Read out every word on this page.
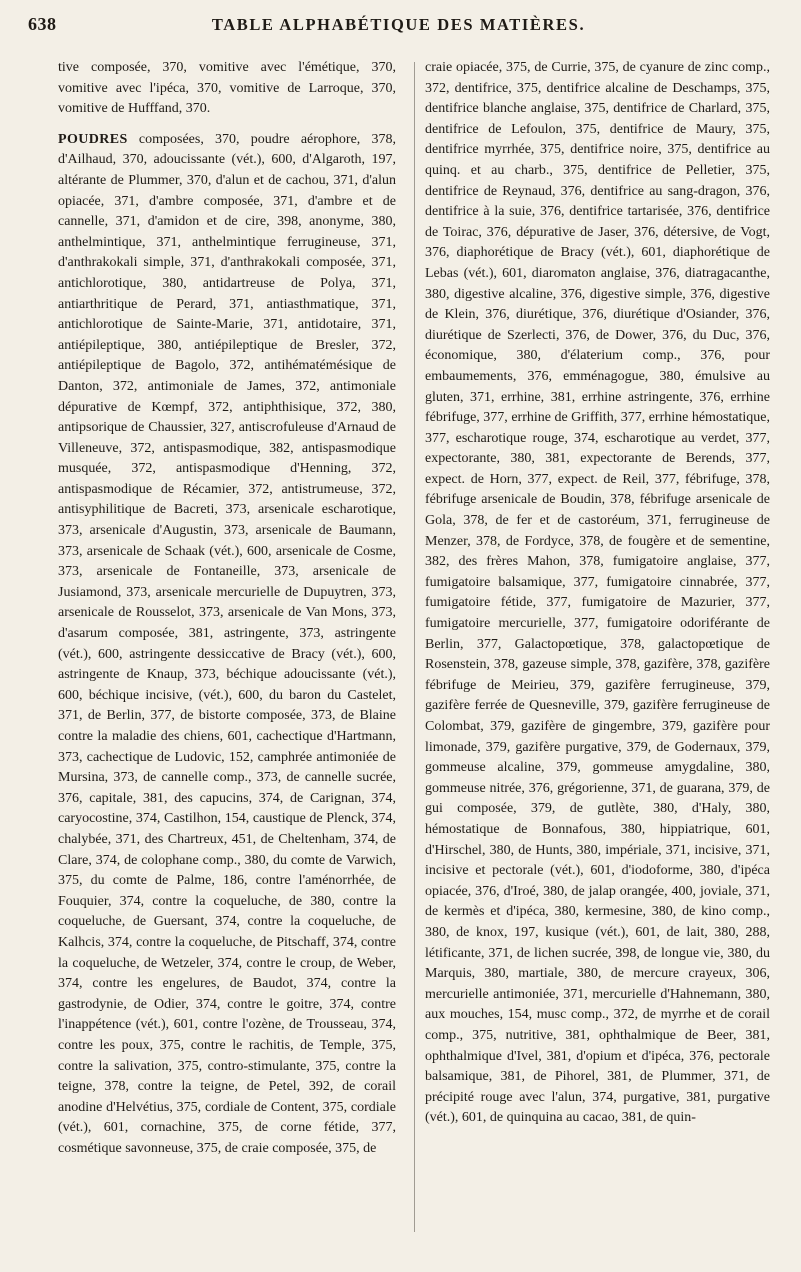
638	TABLE ALPHABÉTIQUE DES MATIÈRES.

tive composée, 370, vomitive avec l'émétique, 370, vomitive avec l'ipéca, 370, vomitive de Larroque, 370, vomitive de Hufffand, 370.

POUDRES composées, 370, poudre aérophore, 378, d'Ailhaud, 370, adoucissante (vét.), 600, d'Algaroth, 197, altérante de Plummer, 370, d'alun et de cachou, 371, d'alun opiacée, 371, d'ambre composée, 371, d'ambre et de cannelle, 371, d'amidon et de cire, 398, anonyme, 380, anthelmintique, 371, anthelmintique ferrugineuse, 371, d'anthrakokali simple, 371, d'anthrakokali composée, 371, antichlorotique, 380, antidartreuse de Polya, 371, antiarthritique de Perard, 371, antiasthmatique, 371, antichlorotique de Sainte-Marie, 371, antidotaire, 371, antiépileptique, 380, antiépileptique de Bresler, 372, antiépileptique de Bagolo, 372, antihématémésique de Danton, 372, antimoniale de James, 372, antimoniale dépurative de Kœmpf, 372, antiphthisique, 372, 380, antipsorique de Chaussier, 327, antiscrofuleuse d'Arnaud de Villeneuve, 372, antispasmodique, 382, antispasmodique musquée, 372, antispasmodique d'Henning, 372, antispasmodique de Récamier, 372, antistrumeuse, 372, antisyphilitique de Bacreti, 373, arsenicale escharotique, 373, arsenicale d'Augustin, 373, arsenicale de Baumann, 373, arsenicale de Schaak (vét.), 600, arsenicale de Cosme, 373, arsenicale de Fontaneille, 373, arsenicale de Jusiamond, 373, arsenicale mercurielle de Dupuytren, 373, arsenicale de Rousselot, 373, arsenicale de Van Mons, 373, d'asarum composée, 381, astringente, 373, astringente (vét.), 600, astringente dessiccative de Bracy (vét.), 600, astringente de Knaup, 373, béchique adoucissante (vét.), 600, béchique incisive, (vét.), 600, du baron du Castelet, 371, de Berlin, 377, de bistorte composée, 373, de Blaine contre la maladie des chiens, 601, cachectique d'Hartmann, 373, cachectique de Ludovic, 152, camphrée antimoniée de Mursina, 373, de cannelle comp., 373, de cannelle sucrée, 376, capitale, 381, des capucins, 374, de Carignan, 374, caryocostine, 374, Castilhon, 154, caustique de Plenck, 374, chalybée, 371, des Chartreux, 451, de Cheltenham, 374, de Clare, 374, de colophane comp., 380, du comte de Varwich, 375, du comte de Palme, 186, contre l'aménorrhée, de Fouquier, 374, contre la coqueluche, de 380, contre la coqueluche, de Guersant, 374, contre la coqueluche, de Kalhcis, 374, contre la coqueluche, de Pitschaff, 374, contre la coqueluche, de Wetzeler, 374, contre le croup, de Weber, 374, contre les engelures, de Baudot, 374, contre la gastrodynie, de Odier, 374, contre le goitre, 374, contre l'inappétence (vét.), 601, contre l'ozène, de Trousseau, 374, contre les poux, 375, contre le rachitis, de Temple, 375, contre la salivation, 375, contro-stimulante, 375, contre la teigne, 378, contre la teigne, de Petel, 392, de corail anodine d'Helvétius, 375, cordiale de Content, 375, cordiale (vét.), 601, cornachine, 375, de corne fétide, 377, cosmétique savonneuse, 375, de craie composée, 375, de

craie opiacée, 375, de Currie, 375, de cyanure de zinc comp., 372, dentifrice, 375, dentifrice alcaline de Deschamps, 375, dentifrice blanche anglaise, 375, dentifrice de Charlard, 375, dentifrice de Lefoulon, 375, dentifrice de Maury, 375, dentifrice myrrhée, 375, dentifrice noire, 375, dentifrice au quinq. et au charb., 375, dentifrice de Pelletier, 375, dentifrice de Reynaud, 376, dentifrice au sang-dragon, 376, dentifrice à la suie, 376, dentifrice tartarisée, 376, dentifrice de Toirac, 376, dépurative de Jaser, 376, détersive, de Vogt, 376, diaphorétique de Bracy (vét.), 601, diaphorétique de Lebas (vét.), 601, diaromaton anglaise, 376, diatragacanthe, 380, digestive alcaline, 376, digestive simple, 376, digestive de Klein, 376, diurétique, 376, diurétique d'Osiander, 376, diurétique de Szerlecti, 376, de Dower, 376, du Duc, 376, économique, 380, d'élaterium comp., 376, pour embaumements, 376, emménagogue, 380, émulsive au gluten, 371, errhine, 381, errhine astringente, 376, errhine fébrifuge, 377, errhine de Griffith, 377, errhine hémostatique, 377, escharotique rouge, 374, escharotique au verdet, 377, expectorante, 380, 381, expectorante de Berends, 377, expect. de Horn, 377, expect. de Reil, 377, fébrifuge, 378, fébrifuge arsenicale de Boudin, 378, fébrifuge arsenicale de Gola, 378, de fer et de castoréum, 371, ferrugineuse de Menzer, 378, de Fordyce, 378, de fougère et de sementine, 382, des frères Mahon, 378, fumigatoire anglaise, 377, fumigatoire balsamique, 377, fumigatoire cinnabrée, 377, fumigatoire fétide, 377, fumigatoire de Mazurier, 377, fumigatoire mercurielle, 377, fumigatoire odoriférante de Berlin, 377, Galactopœtique, 378, galactopœtique de Rosenstein, 378, gazeuse simple, 378, gazifère, 378, gazifère fébrifuge de Meirieu, 379, gazifère ferrugineuse, 379, gazifère ferrée de Quesneville, 379, gazifère ferrugineuse de Colombat, 379, gazifère de gingembre, 379, gazifère pour limonade, 379, gazifère purgative, 379, de Godernaux, 379, gommeuse alcaline, 379, gommeuse amygdaline, 380, gommeuse nitrée, 376, grégorienne, 371, de guarana, 379, de gui composée, 379, de gutlète, 380, d'Haly, 380, hémostatique de Bonnafous, 380, hippiatrique, 601, d'Hirschel, 380, de Hunts, 380, impériale, 371, incisive, 371, incisive et pectorale (vét.), 601, d'iodoforme, 380, d'ipéca opiacée, 376, d'Iroé, 380, de jalap orangée, 400, joviale, 371, de kermès et d'ipéca, 380, kermesine, 380, de kino comp., 380, de knox, 197, kusique (vét.), 601, de lait, 380, 288, létificante, 371, de lichen sucrée, 398, de longue vie, 380, du Marquis, 380, martiale, 380, de mercure crayeux, 306, mercurielle antimoniée, 371, mercurielle d'Hahnemann, 380, aux mouches, 154, musc comp., 372, de myrrhe et de corail comp., 375, nutritive, 381, ophthalmique de Beer, 381, ophthalmique d'Ivel, 381, d'opium et d'ipéca, 376, pectorale balsamique, 381, de Pihorel, 381, de Plummer, 371, de précipité rouge avec l'alun, 374, purgative, 381, purgative (vét.), 601, de quinquina au cacao, 381, de quin-
